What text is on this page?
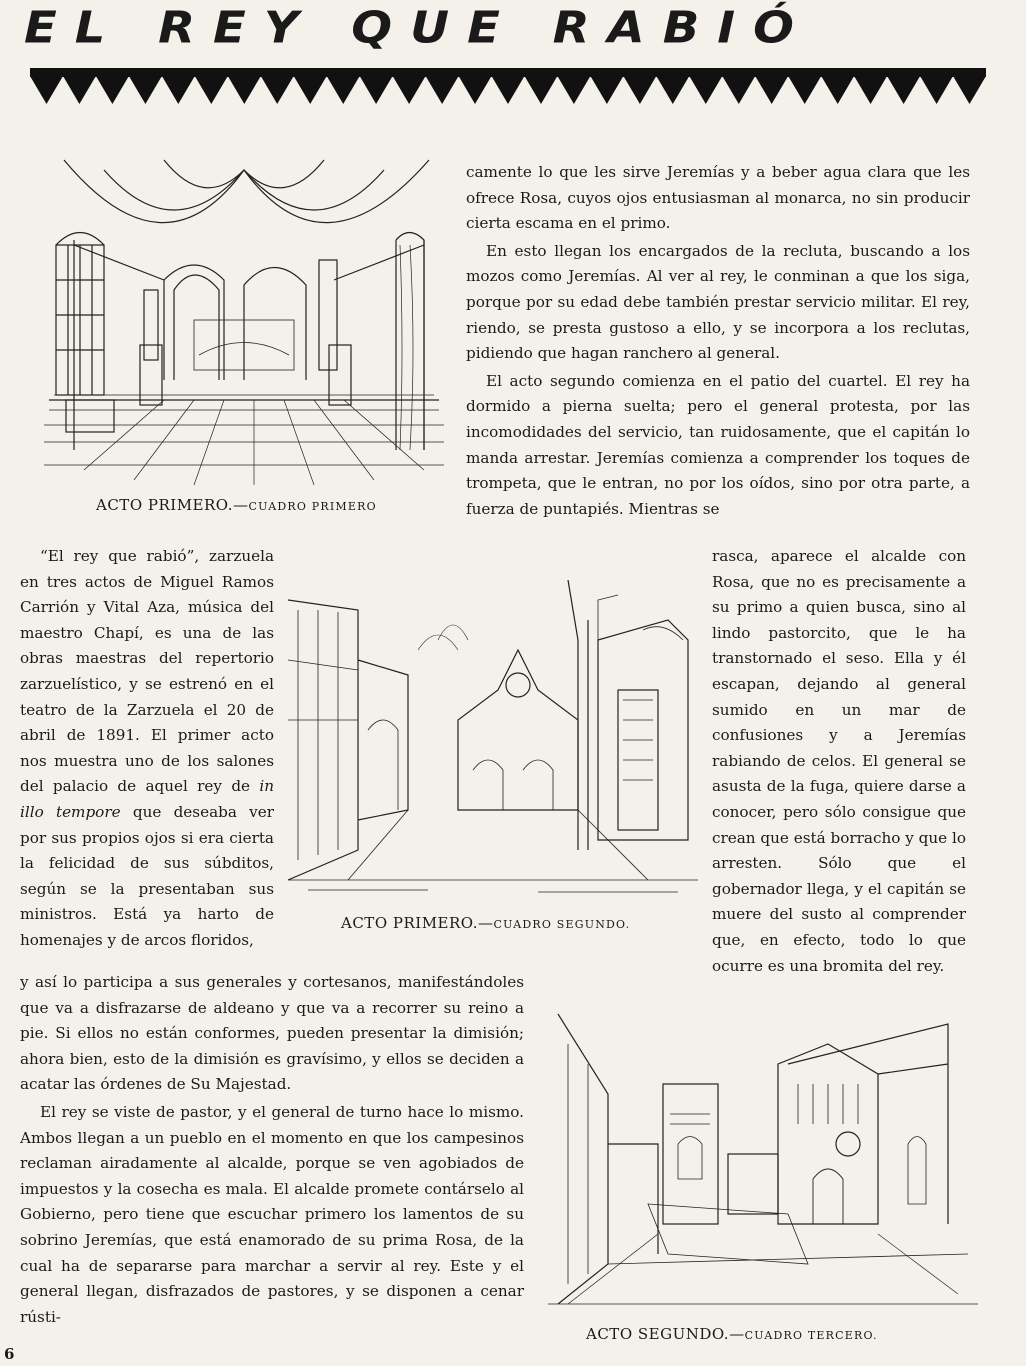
EL REY QUE RABIÓ
ACTO PRIMERO.—CUADRO PRIMERO
ACTO PRIMERO.—CUADRO SEGUNDO.
ACTO SEGUNDO.—CUADRO TERCERO.

camente lo que les sirve Jeremías y a beber agua clara que les ofrece Rosa, cuyos ojos entusiasman al monarca, no sin producir cierta escama en el primo.

En esto llegan los encargados de la recluta, buscando a los mozos como Jeremías. Al ver al rey, le conminan a que los siga, porque por su edad debe también prestar servicio militar. El rey, riendo, se presta gustoso a ello, y se incorpora a los reclutas, pidiendo que hagan ranchero al general.

El acto segundo comienza en el patio del cuartel. El rey ha dormido a pierna suelta; pero el general protesta, por las incomodidades del servicio, tan ruidosamente, que el capitán lo manda arrestar. Jeremías comienza a comprender los toques de trompeta, que le entran, no por los oídos, sino por otra parte, a fuerza de puntapiés. Mientras se

rasca, aparece el alcalde con Rosa, que no es precisamente a su primo a quien busca, sino al lindo pastorcito, que le ha transtornado el seso. Ella y él escapan, dejando al general sumido en un mar de confusiones y a Jeremías rabiando de celos. El general se asusta de la fuga, quiere darse a conocer, pero sólo consigue que crean que está borracho y que lo arresten. Sólo que el gobernador llega, y el capitán se muere del susto al comprender que, en efecto, todo lo que ocurre es una bromita del rey.

“El rey que rabió”, zarzuela en tres actos de Miguel Ramos Carrión y Vital Aza, música del maestro Chapí, es una de las obras maestras del repertorio zarzuelístico, y se estrenó en el teatro de la Zarzuela el 20 de abril de 1891. El primer acto nos muestra uno de los salones del palacio de aquel rey de in illo tempore que deseaba ver por sus propios ojos si era cierta la felicidad de sus súbditos, según se la presentaban sus ministros. Está ya harto de homenajes y de arcos floridos,

y así lo participa a sus generales y cortesanos, manifestándoles que va a disfrazarse de aldeano y que va a recorrer su reino a pie. Si ellos no están conformes, pueden presentar la dimisión; ahora bien, esto de la dimisión es gravísimo, y ellos se deciden a acatar las órdenes de Su Majestad.

El rey se viste de pastor, y el general de turno hace lo mismo. Ambos llegan a un pueblo en el momento en que los campesinos reclaman airadamente al alcalde, porque se ven agobiados de impuestos y la cosecha es mala. El alcalde promete contárselo al Gobierno, pero tiene que escuchar primero los lamentos de su sobrino Jeremías, que está enamorado de su prima Rosa, de la cual ha de separarse para marchar a servir al rey. Este y el general llegan, disfrazados de pastores, y se disponen a cenar rústi-

6
